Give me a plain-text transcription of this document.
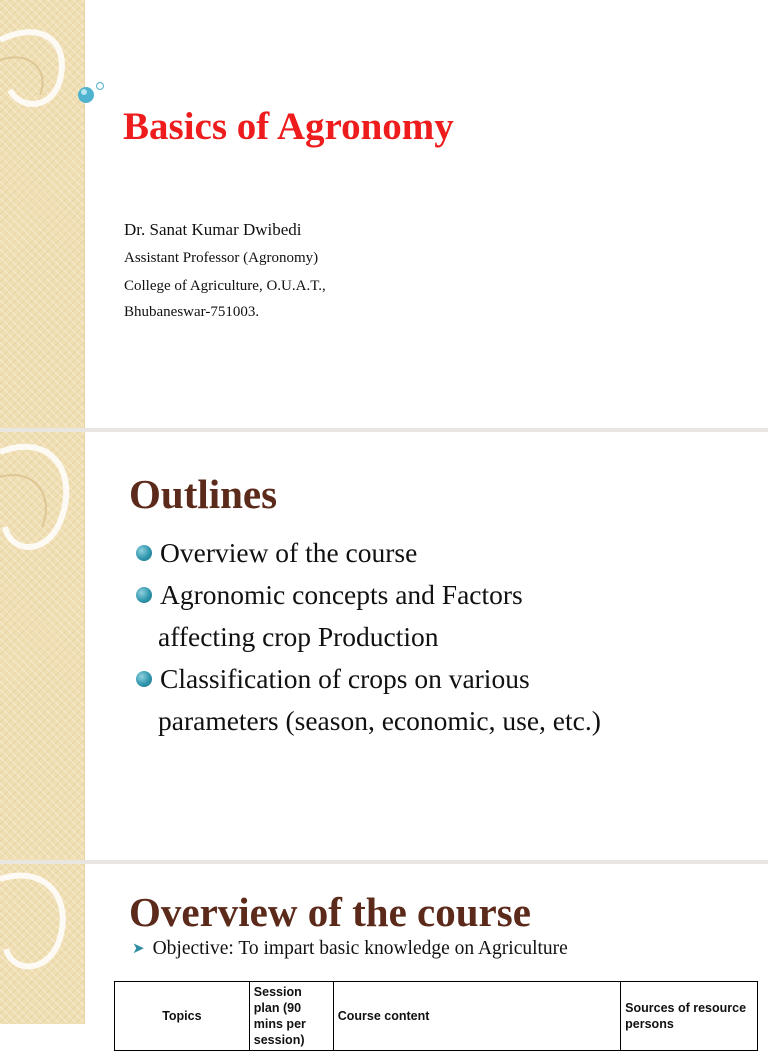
Basics of Agronomy
Dr. Sanat Kumar Dwibedi
Assistant Professor (Agronomy)
College of Agriculture, O.U.A.T.,
Bhubaneswar-751003.
Outlines
Overview of the course
Agronomic concepts and Factors
affecting crop Production
Classification of crops on various
parameters (season, economic, use, etc.)
Overview of the course
➤ Objective: To impart basic knowledge on Agriculture
Topics	Session plan (90 mins per session)	Course content	Sources of resource persons
